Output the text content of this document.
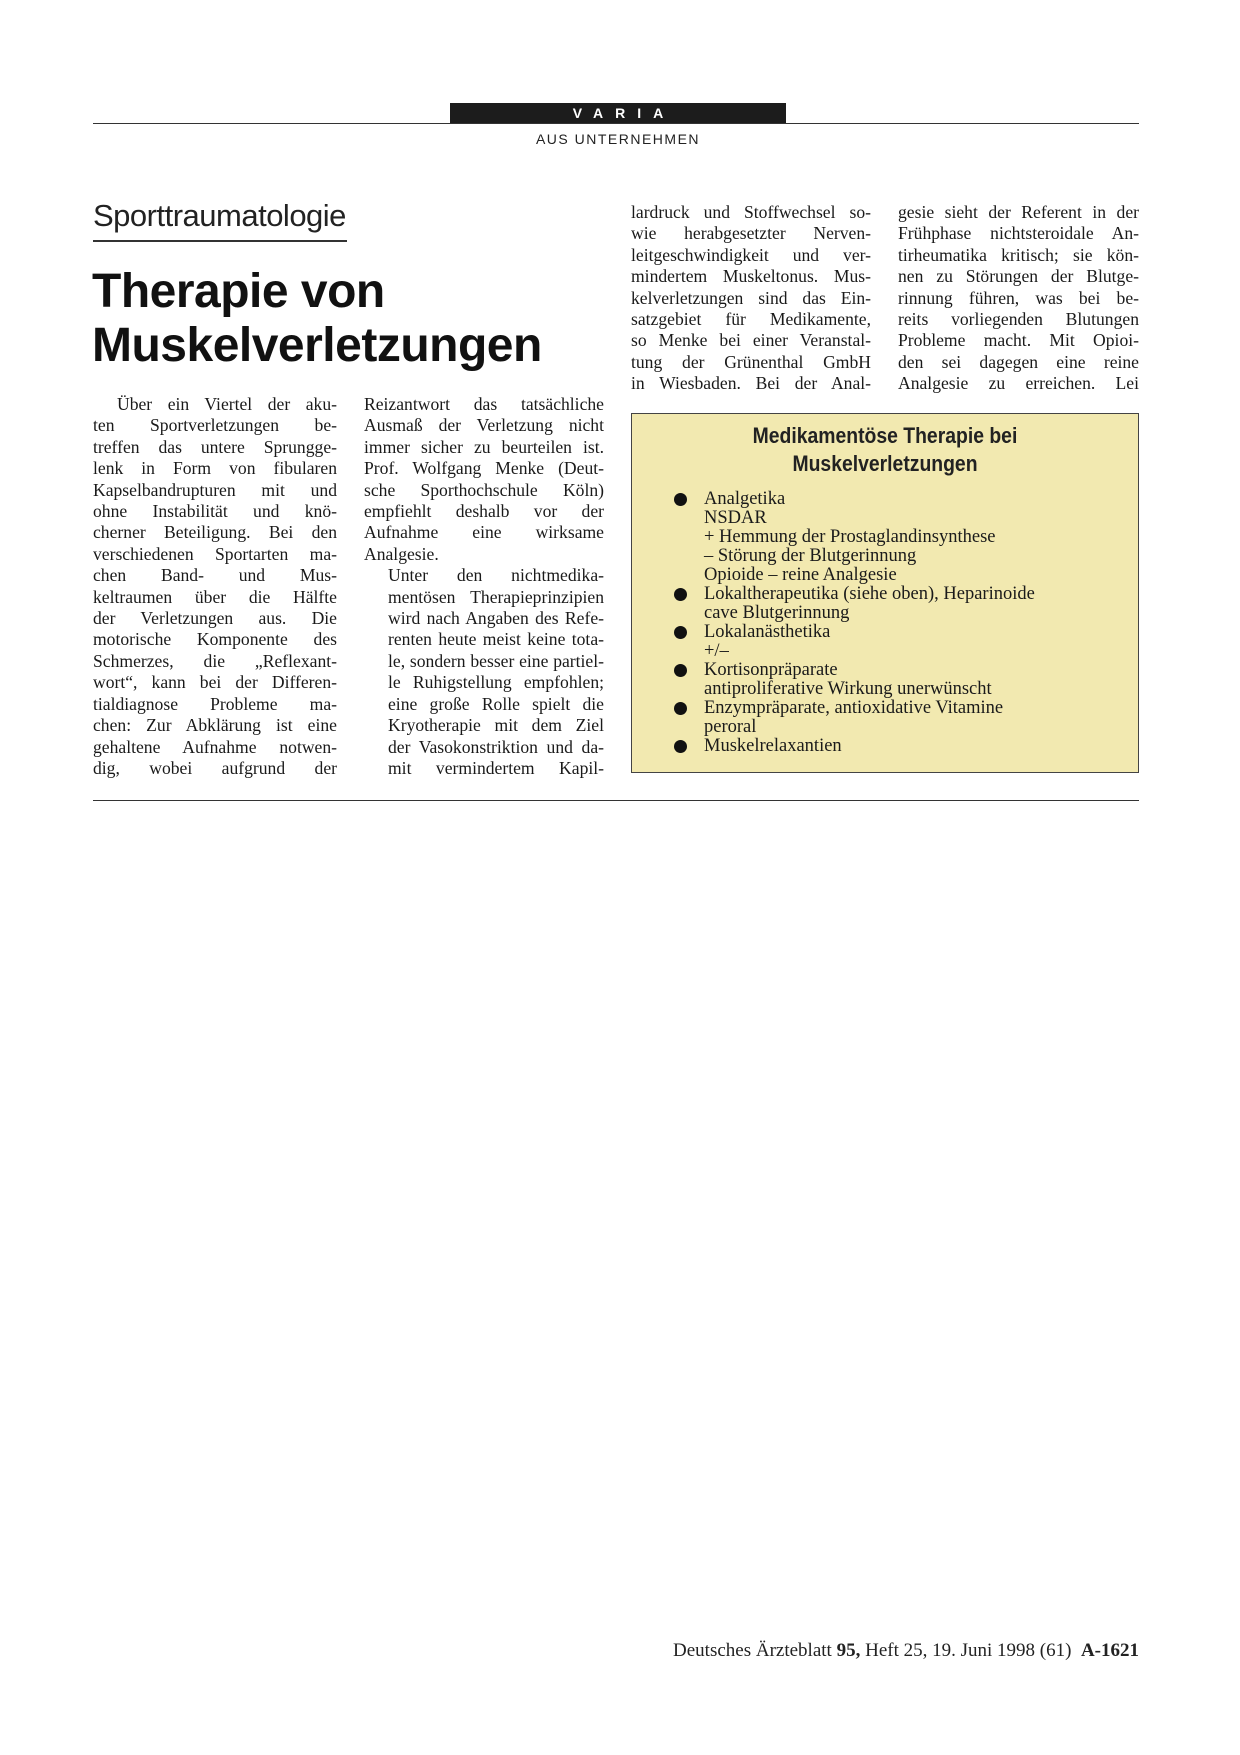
VARIA
AUS UNTERNEHMEN
Sporttraumatologie
Therapie von
Muskelverletzungen
Über ein Viertel der aku-
ten Sportverletzungen be-
treffen das untere Sprungge-
lenk in Form von fibularen
Kapselbandrupturen mit und
ohne Instabilität und knö-
cherner Beteiligung. Bei den
verschiedenen Sportarten ma-
chen Band- und Mus-
keltraumen über die Hälfte
der Verletzungen aus. Die
motorische Komponente des
Schmerzes, die „Reflexant-
wort“, kann bei der Differen-
tialdiagnose Probleme ma-
chen: Zur Abklärung ist eine
gehaltene Aufnahme notwen-
dig, wobei aufgrund der

Reizantwort das tatsächliche
Ausmaß der Verletzung nicht
immer sicher zu beurteilen ist.
Prof. Wolfgang Menke (Deut-
sche Sporthochschule Köln)
empfiehlt deshalb vor der
Aufnahme eine wirksame
Analgesie.

Unter den nichtmedika-
mentösen Therapieprinzipien
wird nach Angaben des Refe-
renten heute meist keine tota-
le, sondern besser eine partiel-
le Ruhigstellung empfohlen;
eine große Rolle spielt die
Kryotherapie mit dem Ziel
der Vasokonstriktion und da-
mit vermindertem Kapil-

lardruck und Stoffwechsel so-
wie herabgesetzter Nerven-
leitgeschwindigkeit und ver-
mindertem Muskeltonus. Mus-
kelverletzungen sind das Ein-
satzgebiet für Medikamente,
so Menke bei einer Veranstal-
tung der Grünenthal GmbH
in Wiesbaden. Bei der Anal-
gesie sieht der Referent in der
Frühphase nichtsteroidale An-
tirheumatika kritisch; sie kön-
nen zu Störungen der Blutge-
rinnung führen, was bei be-
reits vorliegenden Blutungen
Probleme macht. Mit Opioi-
den sei dagegen eine reine
Analgesie zu erreichen. Lei
Medikamentöse Therapie bei
Muskelverletzungen
Analgetika
NSDAR
+ Hemmung der Prostaglandinsynthese
– Störung der Blutgerinnung
Opioide – reine Analgesie
Lokaltherapeutika (siehe oben), Heparinoide
cave Blutgerinnung
Lokalanästhetika
+/–
Kortisonpräparate
antiproliferative Wirkung unerwünscht
Enzympräparate, antioxidative Vitamine
peroral
Muskelrelaxantien
Deutsches Ärzteblatt 95, Heft 25, 19. Juni 1998 (61) A-1621
